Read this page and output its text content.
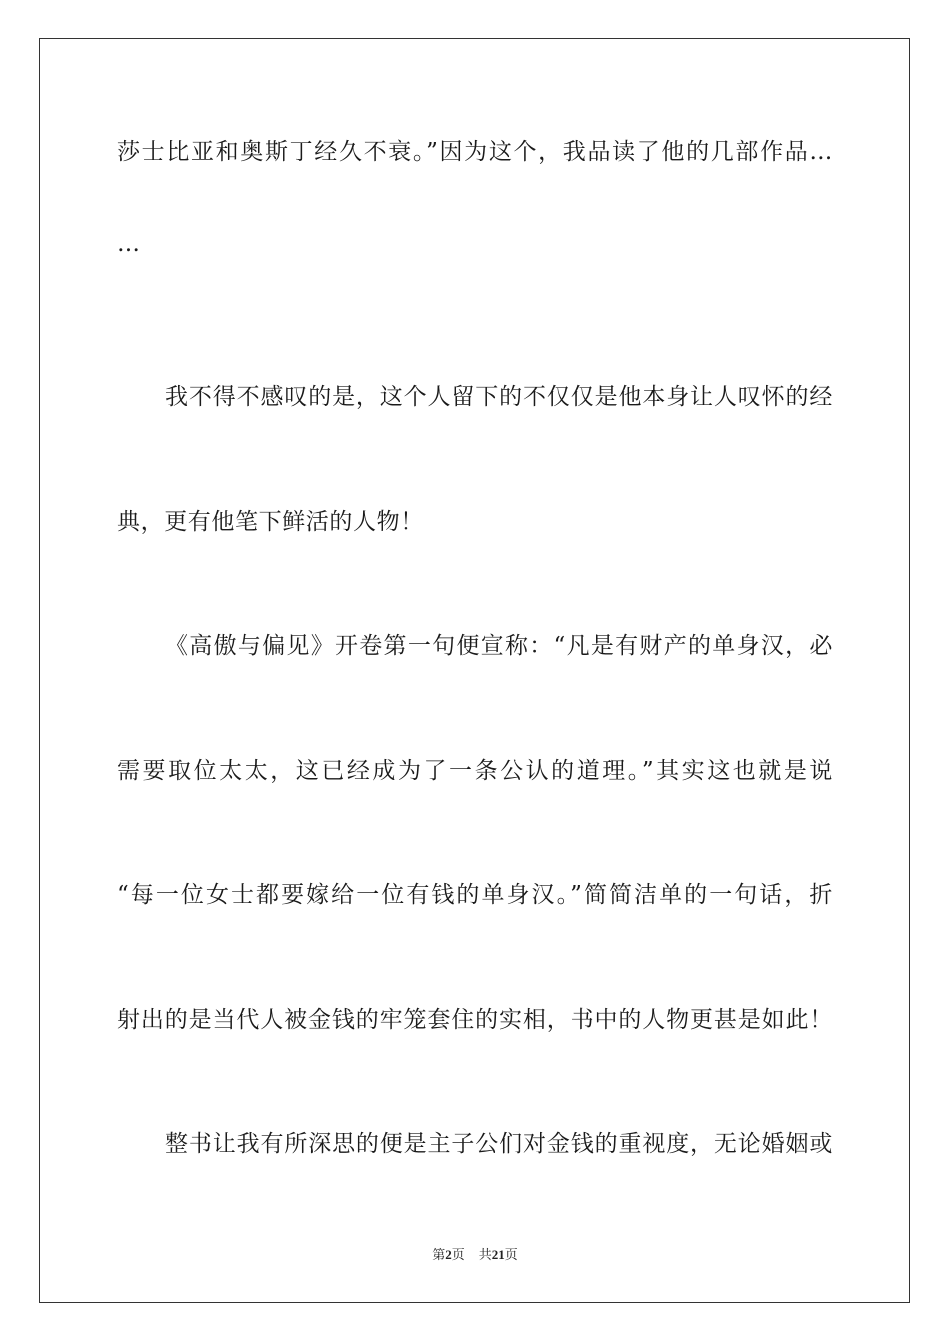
莎士比亚和奥斯丁经久不衰。”因为这个，我品读了他的几部作品…
…
我不得不感叹的是，这个人留下的不仅仅是他本身让人叹怀的经
典，更有他笔下鲜活的人物！
《高傲与偏见》开卷第一句便宣称：“凡是有财产的单身汉，必
需要取位太太，这已经成为了一条公认的道理。”其实这也就是说
“每一位女士都要嫁给一位有钱的单身汉。”简简洁单的一句话，折
射出的是当代人被金钱的牢笼套住的实相，书中的人物更甚是如此！
整书让我有所深思的便是主子公们对金钱的重视度，无论婚姻或
第2页 共21页
